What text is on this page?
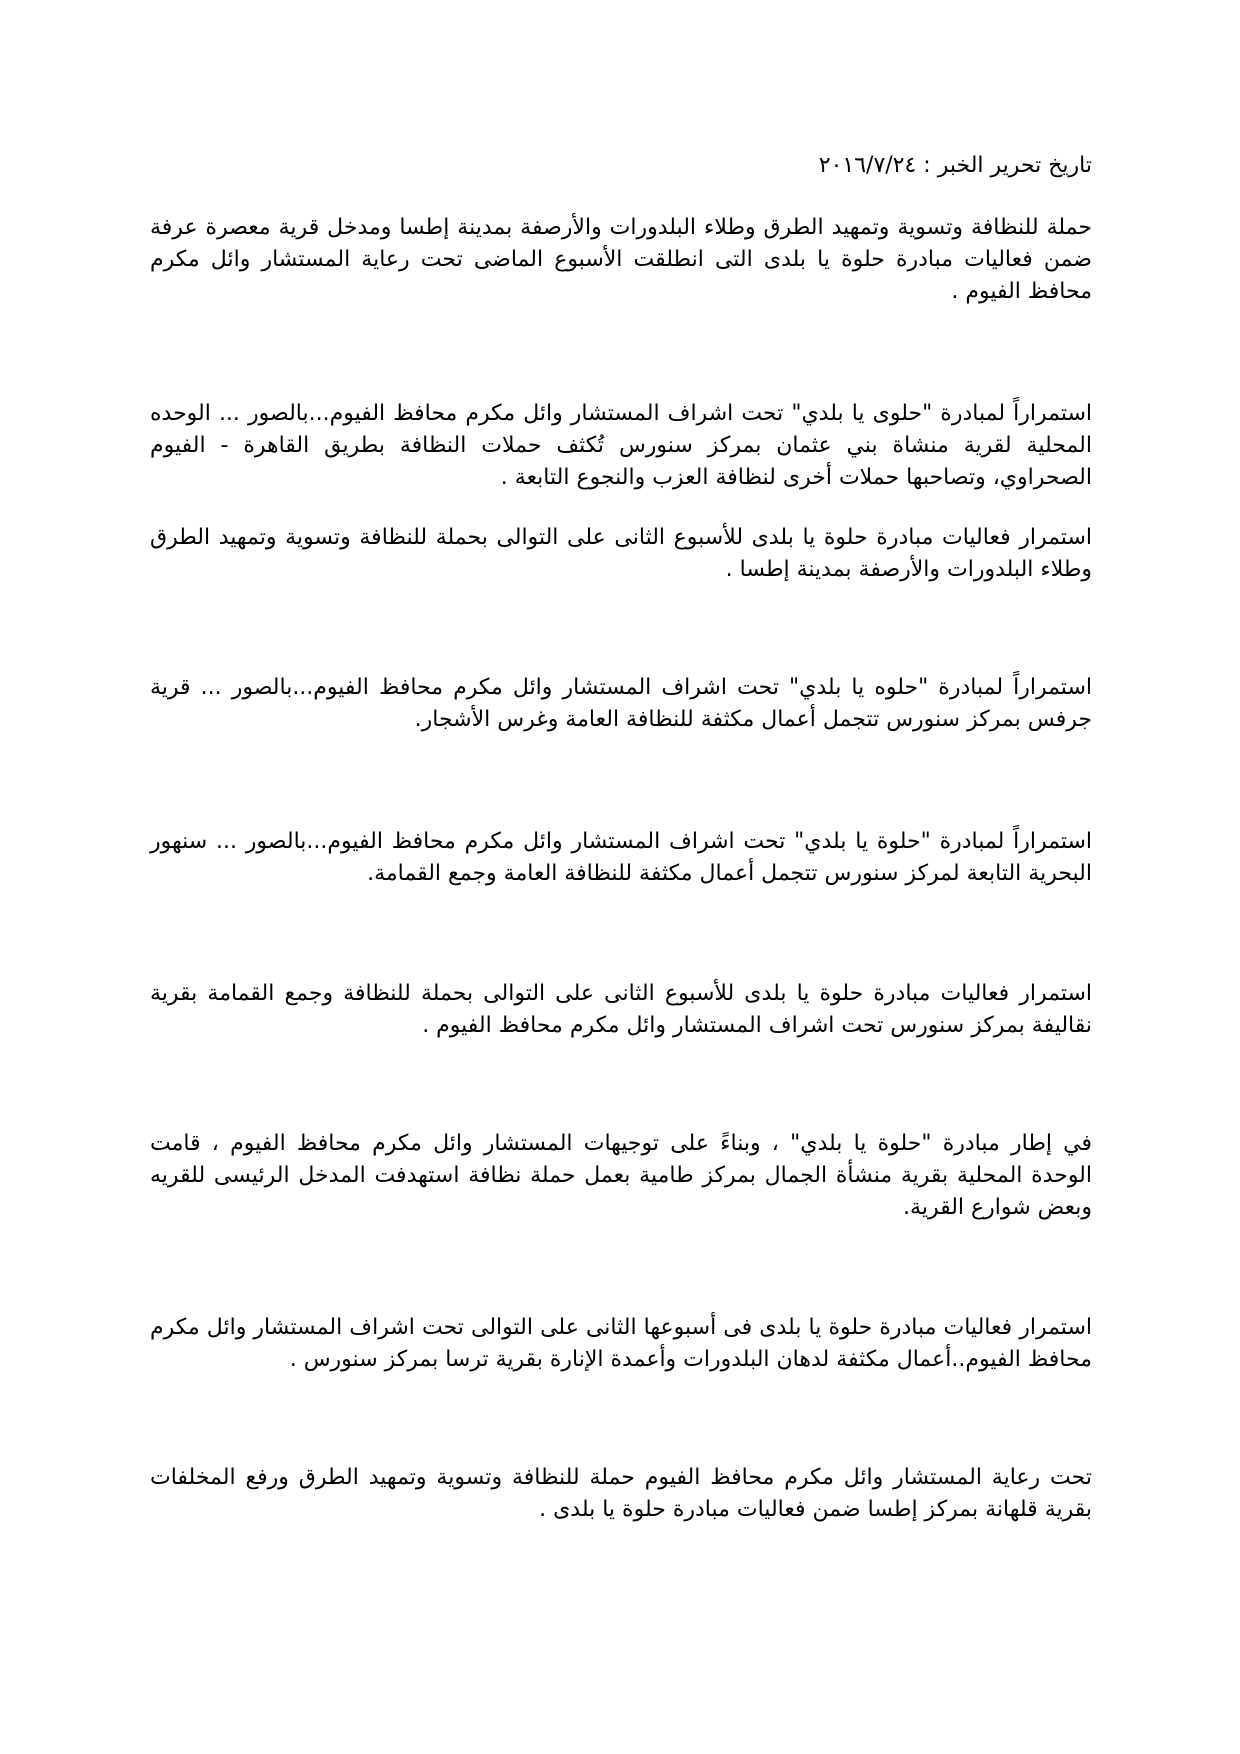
تاريخ تحرير الخبر : ٢٠١٦/٧/٢٤
حملة للنظافة وتسوية وتمهيد الطرق وطلاء البلدورات والأرصفة بمدينة إطسا ومدخل قرية معصرة عرفة ضمن فعاليات مبادرة حلوة يا بلدى التى انطلقت الأسبوع الماضى تحت رعاية المستشار وائل مكرم محافظ الفيوم .
استمراراً لمبادرة "حلوى يا بلدي" تحت اشراف المستشار وائل مكرم محافظ الفيوم...بالصور ... الوحده المحلية لقرية منشاة بني عثمان بمركز سنورس تُكثف حملات النظافة بطريق القاهرة - الفيوم الصحراوي، وتصاحبها حملات أخرى لنظافة العزب والنجوع التابعة .
استمرار فعاليات مبادرة حلوة يا بلدى للأسبوع الثانى على التوالى بحملة للنظافة وتسوية وتمهيد الطرق وطلاء البلدورات والأرصفة بمدينة إطسا .
استمراراً لمبادرة "حلوه يا بلدي" تحت اشراف المستشار وائل مكرم محافظ الفيوم...بالصور ... قرية جرفس بمركز سنورس تتجمل أعمال مكثفة للنظافة العامة وغرس الأشجار.
استمراراً لمبادرة "حلوة يا بلدي" تحت اشراف المستشار وائل مكرم محافظ الفيوم...بالصور ... سنهور البحرية التابعة لمركز سنورس تتجمل أعمال مكثفة للنظافة العامة وجمع القمامة.
استمرار فعاليات مبادرة حلوة يا بلدى للأسبوع الثانى على التوالى بحملة للنظافة وجمع القمامة بقرية نقاليفة بمركز سنورس تحت اشراف المستشار وائل مكرم محافظ الفيوم .
في إطار مبادرة "حلوة يا بلدي" ، وبناءً على توجيهات المستشار وائل مكرم محافظ الفيوم ، قامت الوحدة المحلية بقرية منشأة الجمال بمركز طامية بعمل حملة نظافة استهدفت المدخل الرئيسى للقريه وبعض شوارع القرية.
استمرار فعاليات مبادرة حلوة يا بلدى فى أسبوعها الثانى على التوالى تحت اشراف المستشار وائل مكرم محافظ الفيوم..أعمال مكثفة لدهان البلدورات وأعمدة الإنارة بقرية ترسا بمركز سنورس .
تحت رعاية المستشار وائل مكرم محافظ الفيوم حملة للنظافة وتسوية وتمهيد الطرق ورفع المخلفات بقرية قلهانة بمركز إطسا ضمن فعاليات مبادرة حلوة يا بلدى .
